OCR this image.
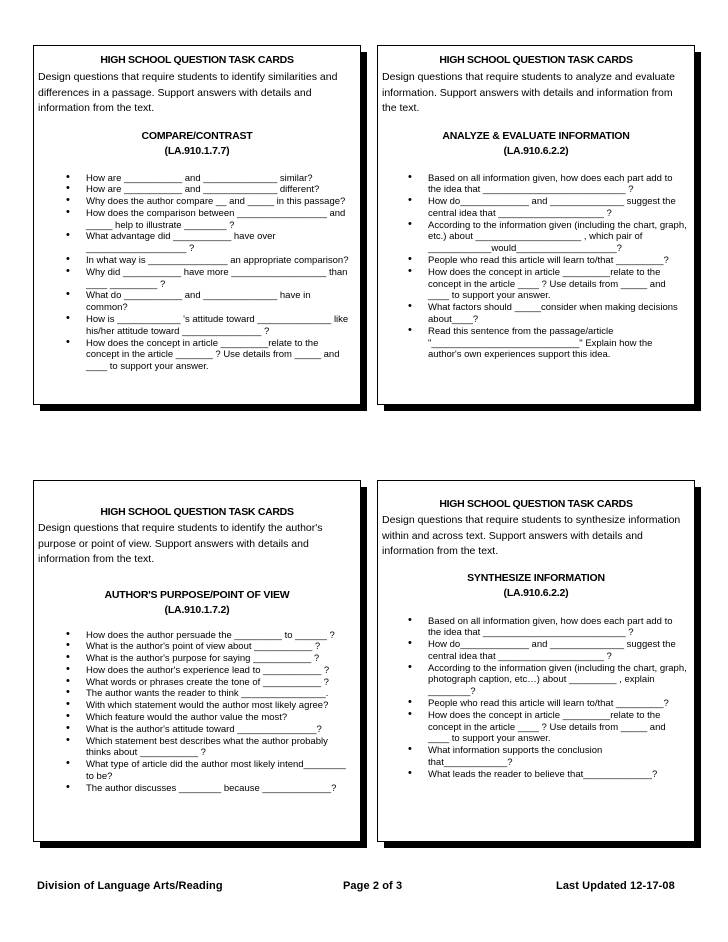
HIGH SCHOOL QUESTION TASK CARDS
Design questions that require students to identify similarities and differences in a passage. Support answers with details and information from the text.
COMPARE/CONTRAST
(LA.910.1.7.7)
• How are ___________ and ______________ similar?
• How are ___________ and ______________ different?
• Why does the author compare __ and _____ in this passage?
• How does the comparison between _________________ and _____ help to illustrate ________ ?
• What advantage did ___________ have over ___________________ ?
• In what way is _______________ an appropriate comparison?
• Why did ___________ have more __________________ than ____ _________ ?
• What do ___________ and ______________ have in common?
• How is ____________ 's attitude toward ______________ like his/her attitude toward _______________ ?
• How does the concept in article _________relate to the concept in the article _______ ? Use details from _____ and ____ to support your answer.
HIGH SCHOOL QUESTION TASK CARDS
Design questions that require students to analyze and evaluate information. Support answers with details and information from the text.
ANALYZE & EVALUATE INFORMATION
(LA.910.6.2.2)
• Based on all information given, how does each part add to the idea that ___________________________ ?
• How do_____________ and ______________ suggest the central idea that ____________________ ?
• According to the information given (including the chart, graph, etc.) about ____________________ , which pair of ____________would___________________?
• People who read this article will learn to/that _________?
• How does the concept in article _________relate to the concept in the article ____ ? Use details from _____ and ____ to support your answer.
• What factors should _____consider when making decisions about____?
• Read this sentence from the passage/article "____________________________" Explain how the author's own experiences support this idea.
HIGH SCHOOL QUESTION TASK CARDS
Design questions that require students to identify the author's purpose or point of view. Support answers with details and information from the text.
AUTHOR'S PURPOSE/POINT OF VIEW
(LA.910.1.7.2)
• How does the author persuade the _________ to ______ ?
• What is the author's point of view about ___________ ?
• What is the author's purpose for saying ___________ ?
• How does the author's experience lead to ___________ ?
• What words or phrases create the tone of ___________ ?
• The author wants the reader to think ________________.
• With which statement would the author most likely agree?
• Which feature would the author value the most?
• What is the author's attitude toward _______________?
• Which statement best describes what the author probably thinks about ___________ ?
• What type of article did the author most likely intend________ to be?
• The author discusses ________ because _____________?
HIGH SCHOOL QUESTION TASK CARDS
Design questions that require students to synthesize information within and across text. Support answers with details and information from the text.
SYNTHESIZE INFORMATION
(LA.910.6.2.2)
• Based on all information given, how does each part add to the idea that ___________________________ ?
• How do_____________ and ______________ suggest the central idea that ____________________ ?
• According to the information given (including the chart, graph, photograph caption, etc…) about _________ , explain ________?
• People who read this article will learn to/that _________?
• How does the concept in article _________relate to the concept in the article ____ ? Use details from _____ and ____ to support your answer.
• What information supports the conclusion that____________?
• What leads the reader to believe that_____________?
Division of Language Arts/Reading	Page 2 of 3	Last Updated 12-17-08
